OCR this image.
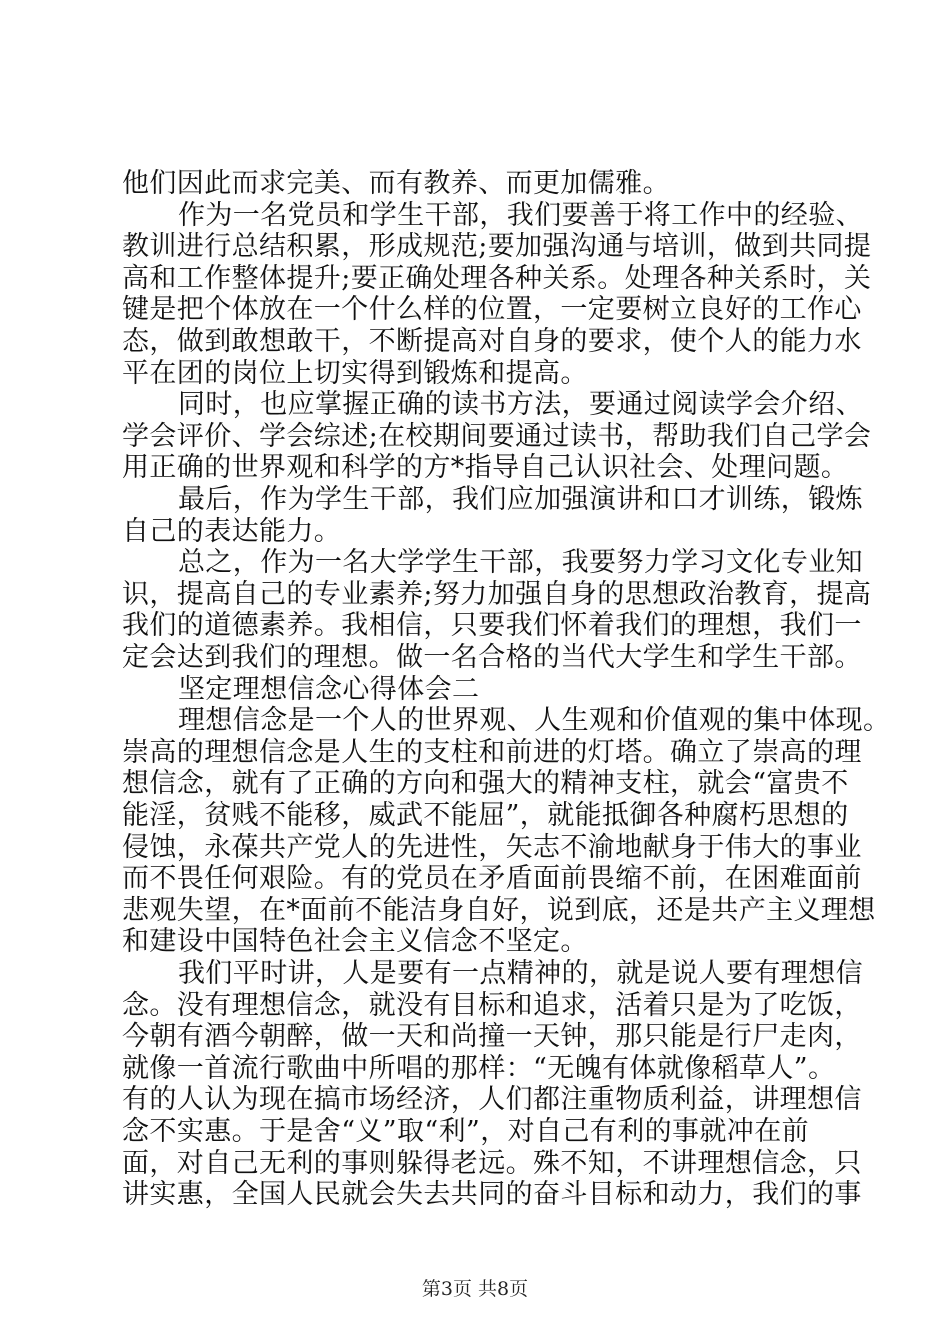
他们因此而求完美、而有教养、而更加儒雅。
作为一名党员和学生干部，我们要善于将工作中的经验、
教训进行总结积累，形成规范;要加强沟通与培训，做到共同提
高和工作整体提升;要正确处理各种关系。处理各种关系时，关
键是把个体放在一个什么样的位置，一定要树立良好的工作心
态，做到敢想敢干，不断提高对自身的要求，使个人的能力水
平在团的岗位上切实得到锻炼和提高。
同时，也应掌握正确的读书方法，要通过阅读学会介绍、
学会评价、学会综述;在校期间要通过读书，帮助我们自己学会
用正确的世界观和科学的方*指导自己认识社会、处理问题。
最后，作为学生干部，我们应加强演讲和口才训练，锻炼
自己的表达能力。
总之，作为一名大学学生干部，我要努力学习文化专业知
识，提高自己的专业素养;努力加强自身的思想政治教育，提高
我们的道德素养。我相信，只要我们怀着我们的理想，我们一
定会达到我们的理想。做一名合格的当代大学生和学生干部。
坚定理想信念心得体会二
理想信念是一个人的世界观、人生观和价值观的集中体现。
崇高的理想信念是人生的支柱和前进的灯塔。确立了崇高的理
想信念，就有了正确的方向和强大的精神支柱，就会“富贵不
能淫，贫贱不能移，威武不能屈”，就能抵御各种腐朽思想的
侵蚀，永葆共产党人的先进性，矢志不渝地献身于伟大的事业
而不畏任何艰险。有的党员在矛盾面前畏缩不前，在困难面前
悲观失望，在*面前不能洁身自好，说到底，还是共产主义理想
和建设中国特色社会主义信念不坚定。
我们平时讲，人是要有一点精神的，就是说人要有理想信
念。没有理想信念，就没有目标和追求，活着只是为了吃饭，
今朝有酒今朝醉，做一天和尚撞一天钟，那只能是行尸走肉，
就像一首流行歌曲中所唱的那样：“无魄有体就像稻草人”。
有的人认为现在搞市场经济，人们都注重物质利益，讲理想信
念不实惠。于是舍“义”取“利”，对自己有利的事就冲在前
面，对自己无利的事则躲得老远。殊不知，不讲理想信念，只
讲实惠，全国人民就会失去共同的奋斗目标和动力，我们的事
第3页 共8页
